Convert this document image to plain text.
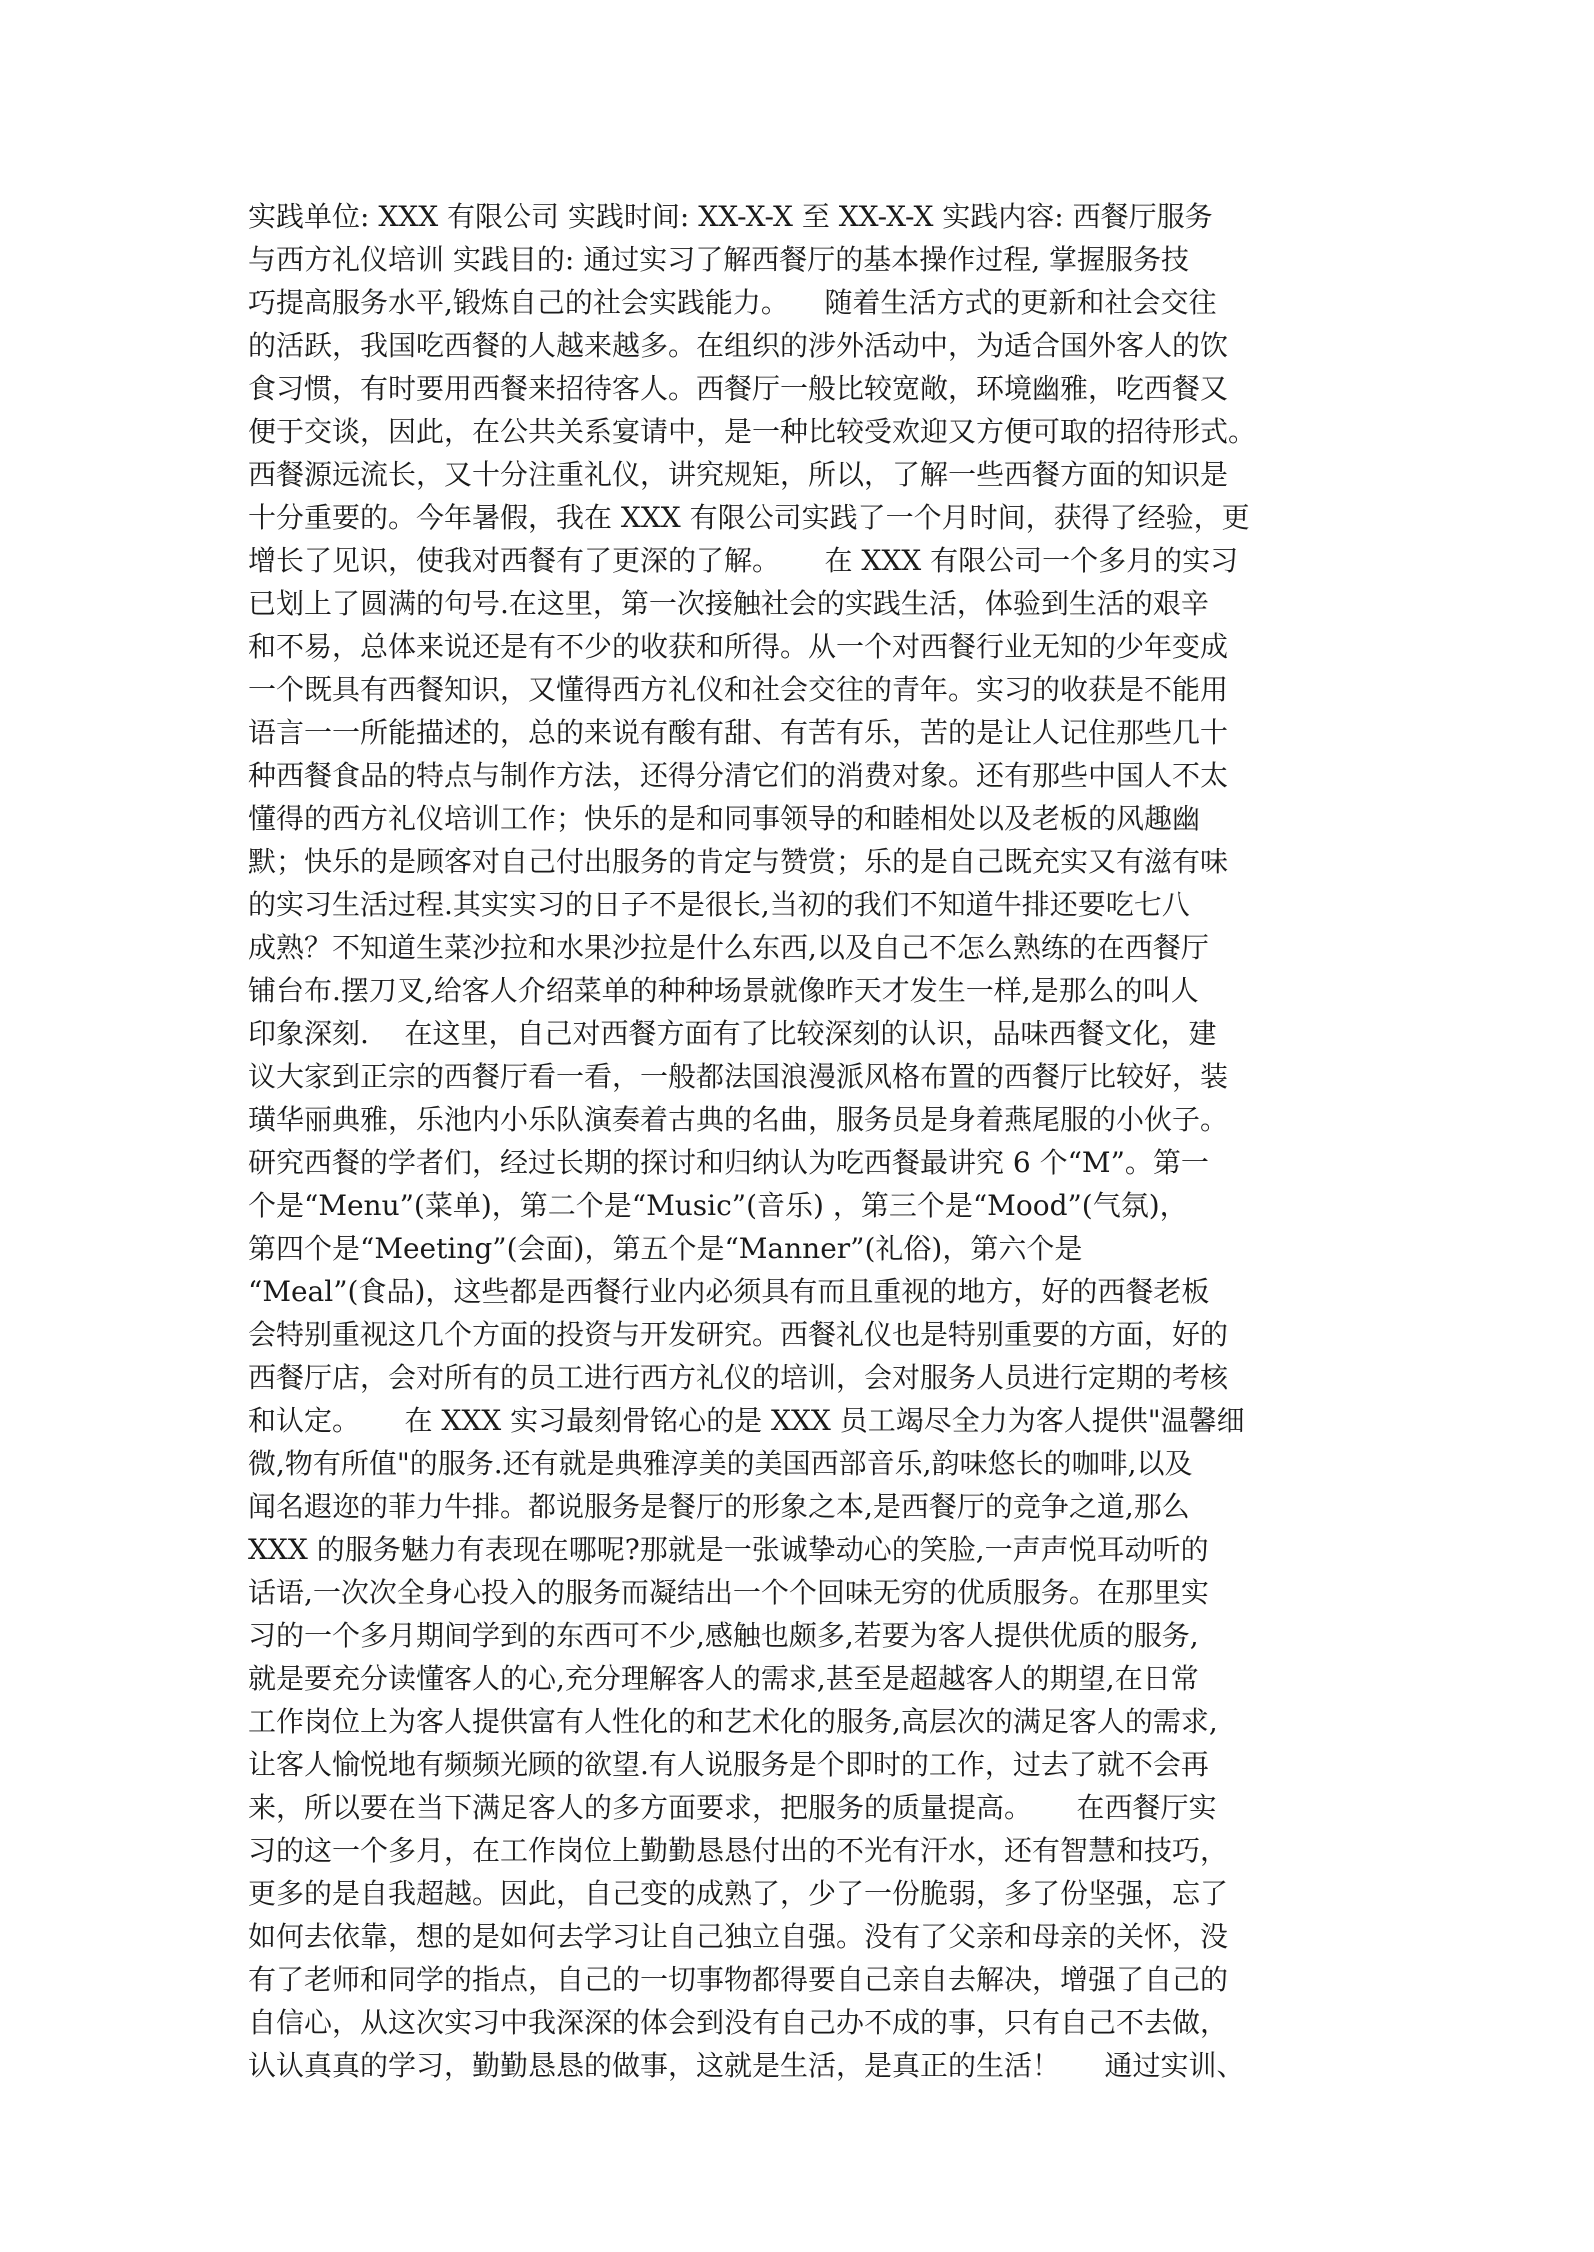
实践单位: XXX 有限公司 实践时间: XX-X-X 至 XX-X-X 实践内容: 西餐厅服务
与西方礼仪培训 实践目的: 通过实习了解西餐厅的基本操作过程, 掌握服务技
巧提高服务水平,锻炼自己的社会实践能力。    随着生活方式的更新和社会交往
的活跃，我国吃西餐的人越来越多。在组织的涉外活动中，为适合国外客人的饮
食习惯，有时要用西餐来招待客人。西餐厅一般比较宽敞，环境幽雅，吃西餐又
便于交谈，因此，在公共关系宴请中，是一种比较受欢迎又方便可取的招待形式。
西餐源远流长，又十分注重礼仪，讲究规矩，所以，了解一些西餐方面的知识是
十分重要的。今年暑假，我在 XXX 有限公司实践了一个月时间，获得了经验，更
增长了见识，使我对西餐有了更深的了解。     在 XXX 有限公司一个多月的实习
已划上了圆满的句号.在这里，第一次接触社会的实践生活，体验到生活的艰辛
和不易，总体来说还是有不少的收获和所得。从一个对西餐行业无知的少年变成
一个既具有西餐知识，又懂得西方礼仪和社会交往的青年。实习的收获是不能用
语言一一所能描述的，总的来说有酸有甜、有苦有乐，苦的是让人记住那些几十
种西餐食品的特点与制作方法，还得分清它们的消费对象。还有那些中国人不太
懂得的西方礼仪培训工作；快乐的是和同事领导的和睦相处以及老板的风趣幽
默；快乐的是顾客对自己付出服务的肯定与赞赏；乐的是自己既充实又有滋有味
的实习生活过程.其实实习的日子不是很长,当初的我们不知道牛排还要吃七八
成熟？不知道生菜沙拉和水果沙拉是什么东西,以及自己不怎么熟练的在西餐厅
铺台布.摆刀叉,给客人介绍菜单的种种场景就像昨天才发生一样,是那么的叫人
印象深刻.    在这里，自己对西餐方面有了比较深刻的认识，品味西餐文化，建
议大家到正宗的西餐厅看一看，一般都法国浪漫派风格布置的西餐厅比较好，装
璜华丽典雅，乐池内小乐队演奏着古典的名曲，服务员是身着燕尾服的小伙子。
研究西餐的学者们，经过长期的探讨和归纳认为吃西餐最讲究 6 个“M”。第一
个是“Menu”(菜单)，第二个是“Music”(音乐) ，第三个是“Mood”(气氛)，
第四个是“Meeting”(会面)，第五个是“Manner”(礼俗)，第六个是
“Meal”(食品)，这些都是西餐行业内必须具有而且重视的地方，好的西餐老板
会特别重视这几个方面的投资与开发研究。西餐礼仪也是特别重要的方面，好的
西餐厅店，会对所有的员工进行西方礼仪的培训，会对服务人员进行定期的考核
和认定。     在 XXX 实习最刻骨铭心的是 XXX 员工竭尽全力为客人提供"温馨细
微,物有所值"的服务.还有就是典雅淳美的美国西部音乐,韵味悠长的咖啡,以及
闻名遐迩的菲力牛排。都说服务是餐厅的形象之本,是西餐厅的竞争之道,那么
XXX 的服务魅力有表现在哪呢?那就是一张诚挚动心的笑脸,一声声悦耳动听的
话语,一次次全身心投入的服务而凝结出一个个回味无穷的优质服务。在那里实
习的一个多月期间学到的东西可不少,感触也颇多,若要为客人提供优质的服务,
就是要充分读懂客人的心,充分理解客人的需求,甚至是超越客人的期望,在日常
工作岗位上为客人提供富有人性化的和艺术化的服务,高层次的满足客人的需求,
让客人愉悦地有频频光顾的欲望.有人说服务是个即时的工作，过去了就不会再
来，所以要在当下满足客人的多方面要求，把服务的质量提高。     在西餐厅实
习的这一个多月，在工作岗位上勤勤恳恳付出的不光有汗水，还有智慧和技巧，
更多的是自我超越。因此，自己变的成熟了，少了一份脆弱，多了份坚强，忘了
如何去依靠，想的是如何去学习让自己独立自强。没有了父亲和母亲的关怀，没
有了老师和同学的指点，自己的一切事物都得要自己亲自去解决，增强了自己的
自信心，从这次实习中我深深的体会到没有自己办不成的事，只有自己不去做，
认认真真的学习，勤勤恳恳的做事，这就是生活，是真正的生活！     通过实训、
